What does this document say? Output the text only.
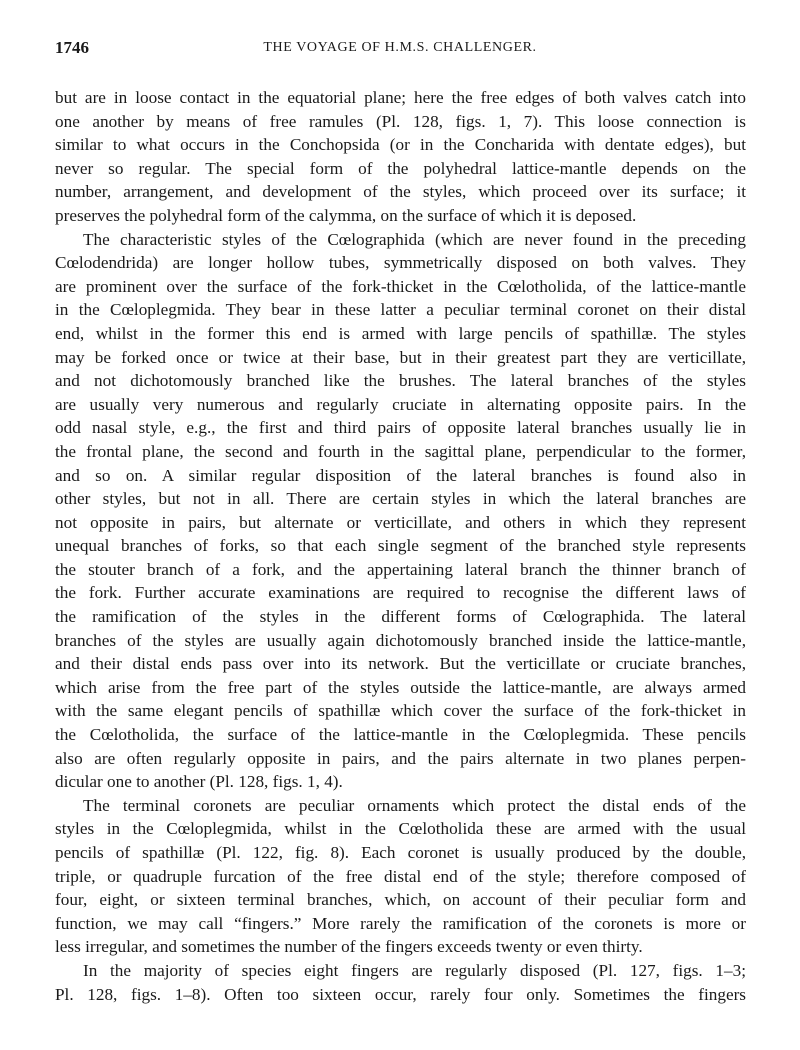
1746	THE VOYAGE OF H.M.S. CHALLENGER.
but are in loose contact in the equatorial plane; here the free edges of both valves catch into
one another by means of free ramules (Pl. 128, figs. 1, 7). This loose connection is
similar to what occurs in the Conchopsida (or in the Concharida with dentate edges), but
never so regular. The special form of the polyhedral lattice-mantle depends on the
number, arrangement, and development of the styles, which proceed over its surface; it
preserves the polyhedral form of the calymma, on the surface of which it is deposed.
The characteristic styles of the Cœlographida (which are never found in the preceding
Cœlodendrida) are longer hollow tubes, symmetrically disposed on both valves. They
are prominent over the surface of the fork-thicket in the Cœlotholida, of the lattice-mantle
in the Cœloplegmida. They bear in these latter a peculiar terminal coronet on their distal
end, whilst in the former this end is armed with large pencils of spathillæ. The styles
may be forked once or twice at their base, but in their greatest part they are verticillate,
and not dichotomously branched like the brushes. The lateral branches of the styles
are usually very numerous and regularly cruciate in alternating opposite pairs. In the
odd nasal style, e.g., the first and third pairs of opposite lateral branches usually lie in
the frontal plane, the second and fourth in the sagittal plane, perpendicular to the former,
and so on. A similar regular disposition of the lateral branches is found also in
other styles, but not in all. There are certain styles in which the lateral branches are
not opposite in pairs, but alternate or verticillate, and others in which they represent
unequal branches of forks, so that each single segment of the branched style represents
the stouter branch of a fork, and the appertaining lateral branch the thinner branch of
the fork. Further accurate examinations are required to recognise the different laws of
the ramification of the styles in the different forms of Cœlographida. The lateral
branches of the styles are usually again dichotomously branched inside the lattice-mantle,
and their distal ends pass over into its network. But the verticillate or cruciate branches,
which arise from the free part of the styles outside the lattice-mantle, are always armed
with the same elegant pencils of spathillæ which cover the surface of the fork-thicket in
the Cœlotholida, the surface of the lattice-mantle in the Cœloplegmida. These pencils
also are often regularly opposite in pairs, and the pairs alternate in two planes perpen-
dicular one to another (Pl. 128, figs. 1, 4).
The terminal coronets are peculiar ornaments which protect the distal ends of the
styles in the Cœloplegmida, whilst in the Cœlotholida these are armed with the usual
pencils of spathillæ (Pl. 122, fig. 8). Each coronet is usually produced by the double,
triple, or quadruple furcation of the free distal end of the style; therefore composed of
four, eight, or sixteen terminal branches, which, on account of their peculiar form and
function, we may call “fingers.” More rarely the ramification of the coronets is more or
less irregular, and sometimes the number of the fingers exceeds twenty or even thirty.
In the majority of species eight fingers are regularly disposed (Pl. 127, figs. 1–3;
Pl. 128, figs. 1–8). Often too sixteen occur, rarely four only. Sometimes the fingers
